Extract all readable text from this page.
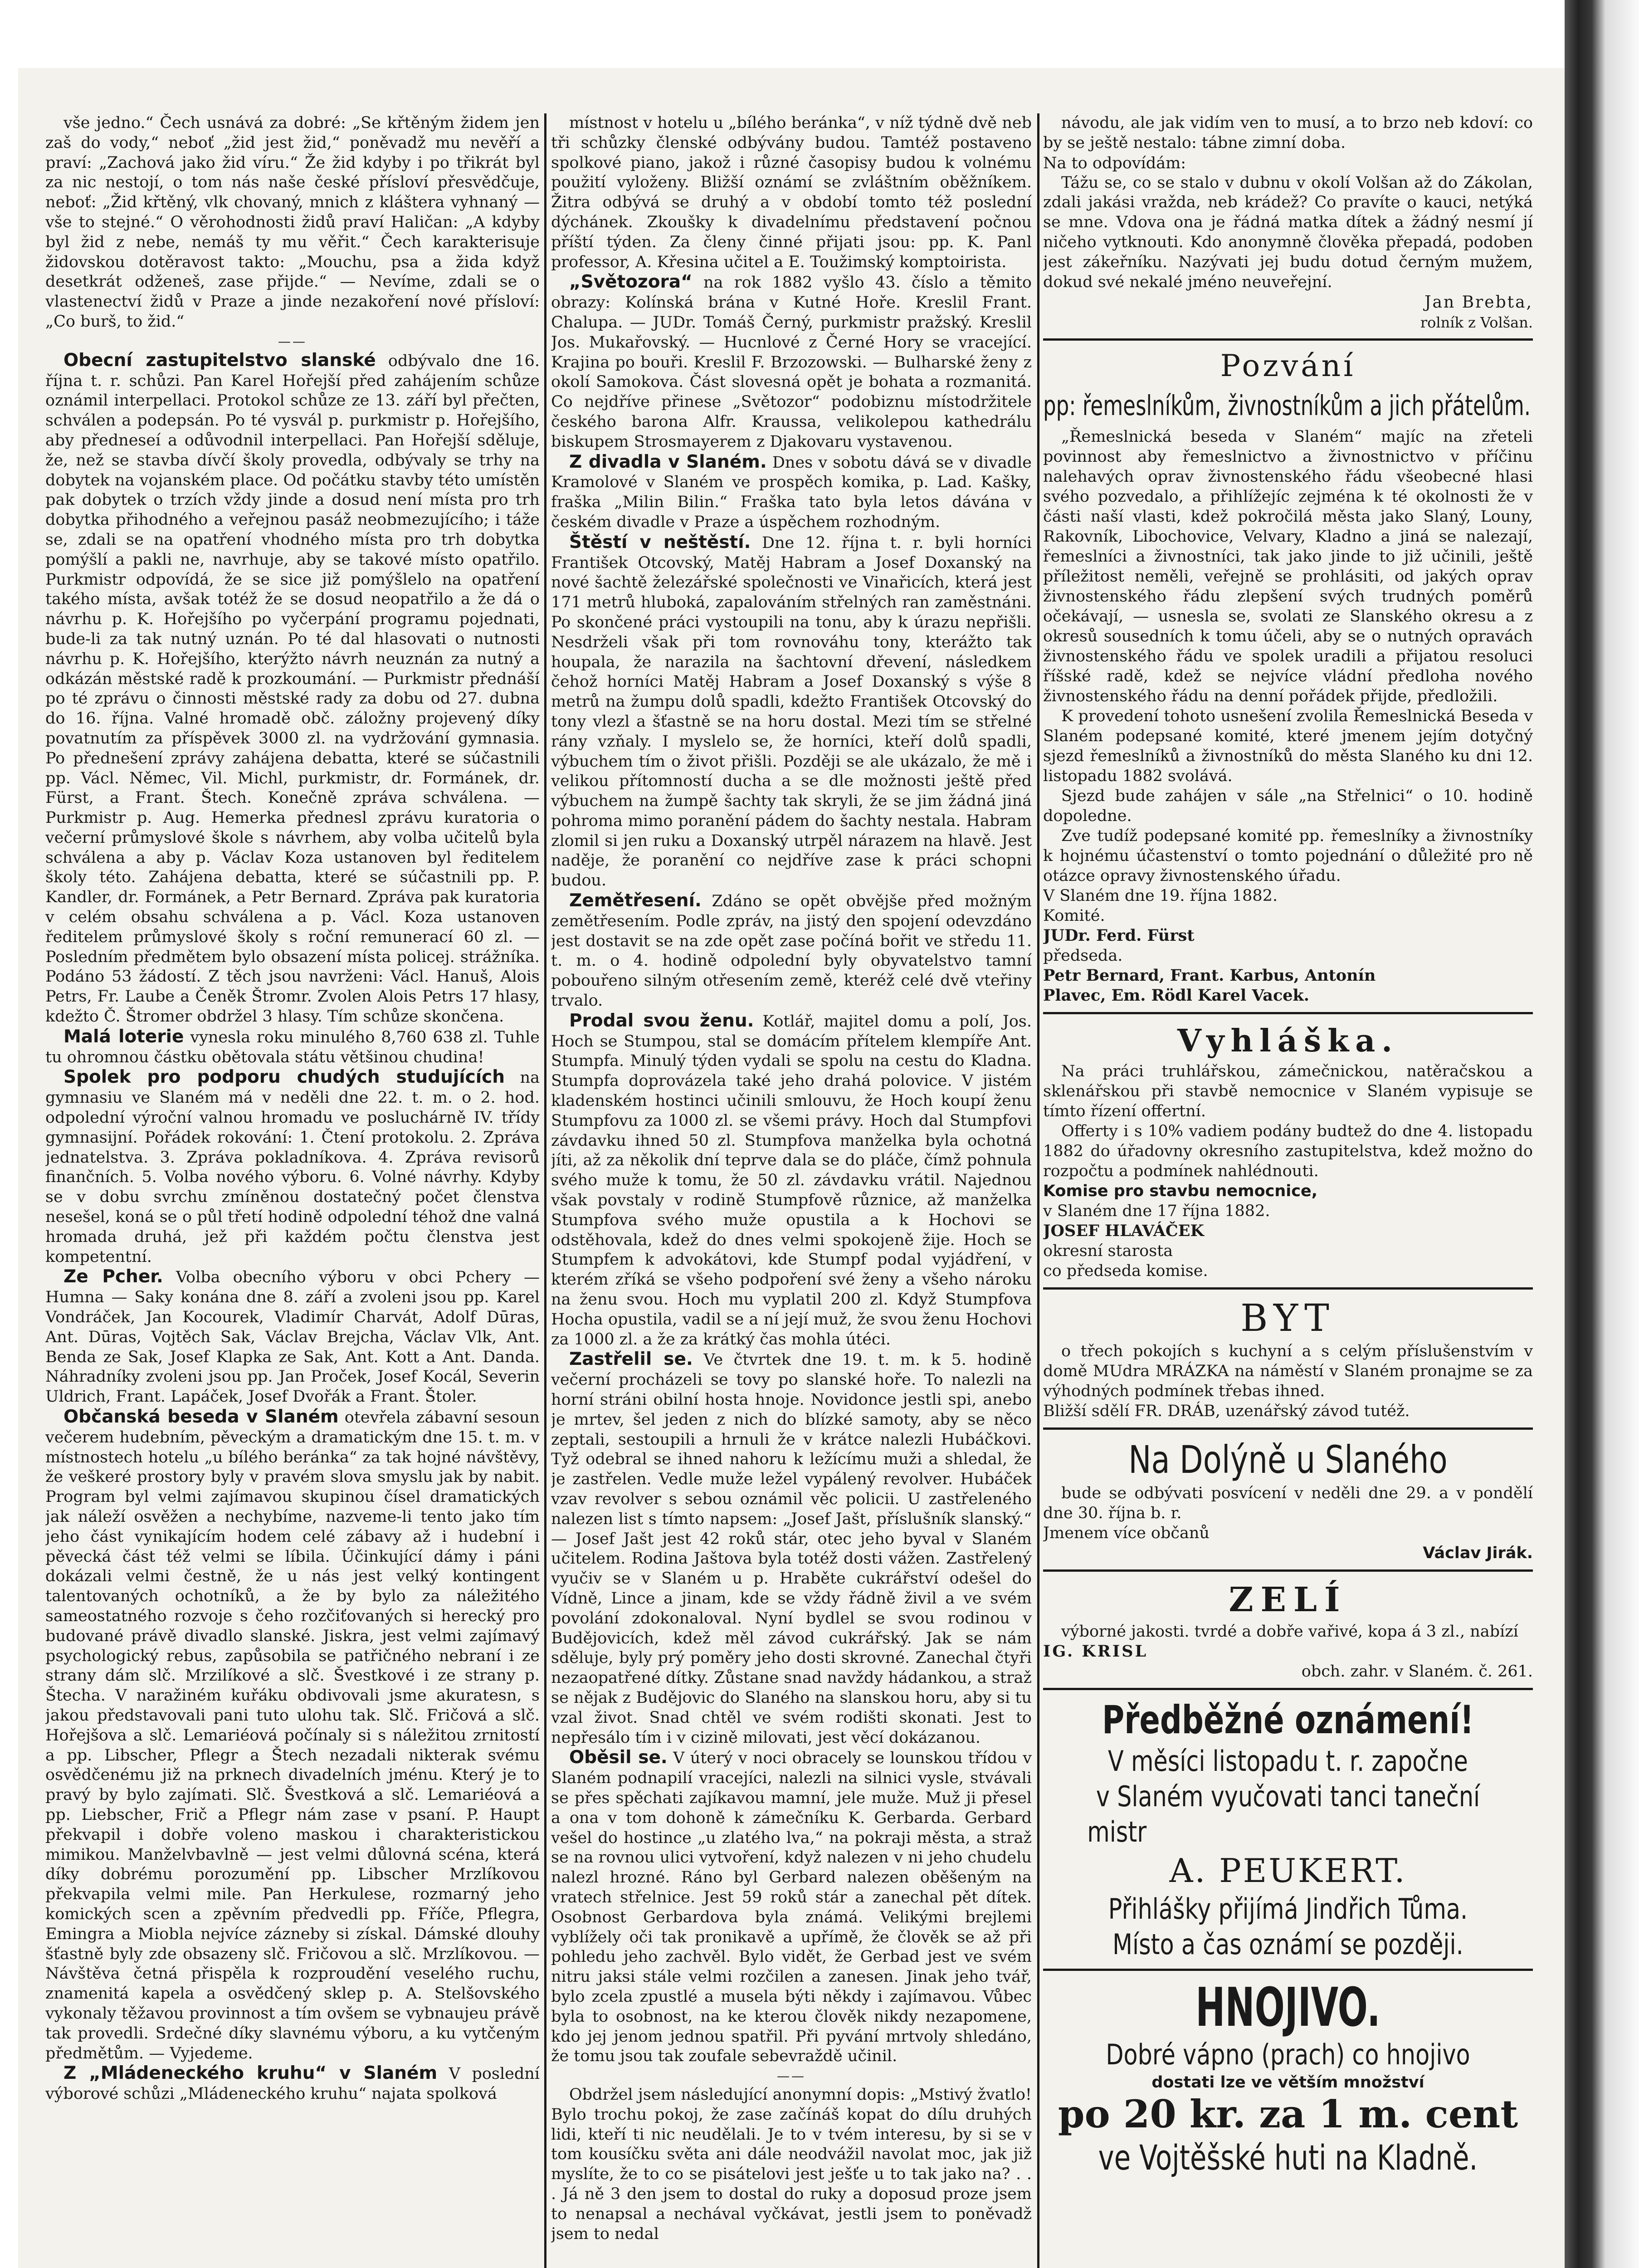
vše jedno.“ Čech usnává za dobré: „Se křtěným židem jen zaš do vody,“ neboť „žid jest žid,“ poněvadž mu nevěří a praví: „Zachová jako žid víru.“ Že žid kdyby i po třikrát byl za nic nestojí, o tom nás naše české přísloví přesvědčuje, neboť: „Žid křtěný, vlk chovaný, mnich z kláštera vyhnaný — vše to stejné.“ O věrohodnosti židů praví Haličan: „A kdyby byl žid z nebe, nemáš ty mu věřit.“ Čech karakterisuje židovskou dotěravost takto: „Mouchu, psa a žida když desetkrát odženeš, zase přijde.“ — Nevíme, zdali se o vlastenectví židů v Praze a jinde nezakoření nové přísloví: „Co burš, to žid.“

——

Obecní zastupitelstvo slanské odbývalo dne 16. října t. r. schůzi. Pan Karel Hořejší před zahájením schůze oznámil interpellaci. Protokol schůze ze 13. září byl přečten, schválen a podepsán. Po té vysvál p. purkmistr p. Hořejšího, aby předneseí a odůvodnil interpellaci. Pan Hořejší sděluje, že, než se stavba dívčí školy provedla, odbývaly se trhy na dobytek na vojanském place. Od počátku stavby této umístěn pak dobytek o trzích vždy jinde a dosud není místa pro trh dobytka přihodného a veřejnou pasáž neobmezujícího; i táže se, zdali se na opatření vhodného místa pro trh dobytka pomýšlí a pakli ne, navrhuje, aby se takové místo opatřilo. Purkmistr odpovídá, že se sice již pomýšlelo na opatření takého místa, avšak totéž že se dosud neopatřilo a že dá o návrhu p. K. Hořejšího po vyčerpání programu pojednati, bude-li za tak nutný uznán. Po té dal hlasovati o nutnosti návrhu p. K. Hořejšího, kterýžto návrh neuznán za nutný a odkázán městské radě k prozkoumání. — Purkmistr přednáší po té zprávu o činnosti městské rady za dobu od 27. dubna do 16. října. Valné hromadě obč. záložny projevený díky povatnutím za příspěvek 3000 zl. na vydržování gymnasia. Po přednešení zprávy zahájena debatta, které se súčastnili pp. Václ. Němec, Vil. Michl, purkmistr, dr. Formánek, dr. Fürst, a Frant. Štech. Konečně zpráva schválena. — Purkmistr p. Aug. Hemerka přednesl zprávu kuratoria o večerní průmyslové škole s návrhem, aby volba učitelů byla schválena a aby p. Václav Koza ustanoven byl ředitelem školy této. Zahájena debatta, které se súčastnili pp. P. Kandler, dr. Formánek, a Petr Bernard. Zpráva pak kuratoria v celém obsahu schválena a p. Václ. Koza ustanoven ředitelem průmyslové školy s roční remunerací 60 zl. — Posledním předmětem bylo obsazení místa policej. strážníka. Podáno 53 žádostí. Z těch jsou navrženi: Václ. Hanuš, Alois Petrs, Fr. Laube a Čeněk Štromr. Zvolen Alois Petrs 17 hlasy, kdežto Č. Štromer obdržel 3 hlasy. Tím schůze skončena.

Malá loterie vynesla roku minulého 8,760 638 zl. Tuhle tu ohromnou částku obětovala státu většinou chudina!

Spolek pro podporu chudých studujících na gymnasiu ve Slaném má v neděli dne 22. t. m. o 2. hod. odpolední výroční valnou hromadu ve posluchárně IV. třídy gymnasijní. Pořádek rokování: 1. Čtení protokolu. 2. Zpráva jednatelstva. 3. Zpráva pokladníkova. 4. Zpráva revisorů finančních. 5. Volba nového výboru. 6. Volné návrhy. Kdyby se v dobu svrchu zmíněnou dostatečný počet členstva nesešel, koná se o půl třetí hodině odpolední téhož dne valná hromada druhá, jež při každém počtu členstva jest kompetentní.

Ze Pcher. Volba obecního výboru v obci Pchery — Humna — Saky konána dne 8. září a zvoleni jsou pp. Karel Vondráček, Jan Kocourek, Vladimír Charvát, Adolf Dūras, Ant. Dūras, Vojtěch Sak, Václav Brejcha, Václav Vlk, Ant. Benda ze Sak, Josef Klapka ze Sak, Ant. Kott a Ant. Danda. Náhradníky zvoleni jsou pp. Jan Proček, Josef Kocál, Severin Uldrich, Frant. Lapáček, Josef Dvořák a Frant. Štoler.

Občanská beseda v Slaném otevřela zábavní sesoun večerem hudebním, pěveckým a dramatickým dne 15. t. m. v místnostech hotelu „u bílého beránka“ za tak hojné návštěvy, že veškeré prostory byly v pravém slova smyslu jak by nabit. Program byl velmi zajímavou skupinou čísel dramatických jak náleží osvěžen a nechybíme, nazveme-li tento jako tím jeho část vynikajícím hodem celé zábavy až i hudební i pěvecká část též velmi se líbila. Účinkující dámy i páni dokázali velmi čestně, že u nás jest velký kontingent talentovaných ochotníků, a že by bylo za náležitého sameostatného rozvoje s čeho rozčiťovaných si herecký pro budované právě divadlo slanské. Jiskra, jest velmi zajímavý psychologický rebus, zapůsobila se patřičného nebraní i ze strany dám slč. Mrzilíkové a slč. Švestkové i ze strany p. Štecha. V naražiném kuřáku obdivovali jsme akuratesn, s jakou představovali pani tuto ulohu tak. Slč. Fričová a slč. Hořejšova a slč. Lemariéová počínaly si s náležitou zrnitostí a pp. Libscher, Pflegr a Štech nezadali nikterak svému osvědčenému již na prknech divadelních jménu. Který je to pravý by bylo zajímati. Slč. Švestková a slč. Lemariéová a pp. Liebscher, Frič a Pflegr nám zase v psaní. P. Haupt překvapil i dobře voleno maskou i charakteristickou mimikou. Manželvbavlně — jest velmi důlovná scéna, která díky dobrému porozumění pp. Libscher Mrzlíkovou překvapila velmi mile. Pan Herkulese, rozmarný jeho komických scen a zpěvním předvedli pp. Fříče, Pflegra, Emingra a Miobla nejvíce zázneby si získal. Dámské dlouhy šťastně byly zde obsazeny slč. Fričovou a slč. Mrzlíkovou. — Návštěva četná přispěla k rozproudění veselého ruchu, znamenitá kapela a osvědčený sklep p. A. Stelšovského vykonaly těžavou provinnost a tím ovšem se vybnaujeu právě tak provedli. Srdečné díky slavnému výboru, a ku vytčeným předmětům. — Vyjedeme.

Z „Mládeneckého kruhu“ v Slaném V poslední výborové schůzi „Mládeneckého kruhu“ najata spolková

místnost v hotelu u „bílého beránka“, v níž týdně dvě neb tři schůzky členské odbývány budou. Tamtéž postaveno spolkové piano, jakož i různé časopisy budou k volnému použití vyloženy. Bližší oznámí se zvláštním oběžníkem. Žitra odbývá se druhý a v období tomto též poslední dýchánek. Zkoušky k divadelnímu představení počnou příští týden. Za členy činné přijati jsou: pp. K. Panl professor, A. Křesina učitel a E. Toužimský komptoirista.

„Světozora“ na rok 1882 vyšlo 43. číslo a těmito obrazy: Kolínská brána v Kutné Hoře. Kreslil Frant. Chalupa. — JUDr. Tomáš Černý, purkmistr pražský. Kreslil Jos. Mukařovský. — Hucnlové z Černé Hory se vracející. Krajina po bouři. Kreslil F. Brzozowski. — Bulharské ženy z okolí Samokova. Část slovesná opět je bohata a rozmanitá. Co nejdříve přinese „Světozor“ podobiznu místodržitele českého barona Alfr. Kraussa, velikolepou kathedrálu biskupem Strosmayerem z Djakovaru vystavenou.

Z divadla v Slaném. Dnes v sobotu dává se v divadle Kramolové v Slaném ve prospěch komika, p. Lad. Kašky, fraška „Milin Bilin.“ Fraška tato byla letos dávána v českém divadle v Praze a úspěchem rozhodným.

Štěstí v neštěstí. Dne 12. října t. r. byli horníci František Otcovský, Matěj Habram a Josef Doxanský na nové šachtě železářské společnosti ve Vinařicích, která jest 171 metrů hluboká, zapalováním střelných ran zaměstnáni. Po skončené práci vystoupili na tonu, aby k úrazu nepřišli. Nesdrželi však při tom rovnováhu tony, kterážto tak houpala, že narazila na šachtovní dřevení, následkem čehož horníci Matěj Habram a Josef Doxanský s výše 8 metrů na žumpu dolů spadli, kdežto František Otcovský do tony vlezl a šťastně se na horu dostal. Mezi tím se střelné rány vzňaly. I myslelo se, že horníci, kteří dolů spadli, výbuchem tím o život přišli. Později se ale ukázalo, že mě i velikou přítomností ducha a se dle možnosti ještě před výbuchem na žumpě šachty tak skryli, že se jim žádná jiná pohroma mimo poranění pádem do šachty nestala. Habram zlomil si jen ruku a Doxanský utrpěl nárazem na hlavě. Jest naděje, že poranění co nejdříve zase k práci schopni budou.

Zemětřesení. Zdáno se opět obvějše před možným zemětřesením. Podle zpráv, na jistý den spojení odevzdáno jest dostavit se na zde opět zase počíná bořit ve středu 11. t. m. o 4. hodině odpolední byly obyvatelstvo tamní pobouřeno silným otřesením země, kteréž celé dvě vteřiny trvalo.

Prodal svou ženu. Kotlář, majitel domu a polí, Jos. Hoch se Stumpou, stal se domácím přítelem klempíře Ant. Stumpfa. Minulý týden vydali se spolu na cestu do Kladna. Stumpfa doprovázela také jeho drahá polovice. V jistém kladenském hostinci učinili smlouvu, že Hoch koupí ženu Stumpfovu za 1000 zl. se všemi právy. Hoch dal Stumpfovi závdavku ihned 50 zl. Stumpfova manželka byla ochotná jíti, až za několik dní teprve dala se do pláče, čímž pohnula svého muže k tomu, že 50 zl. závdavku vrátil. Najednou však povstaly v rodině Stumpfově různice, až manželka Stumpfova svého muže opustila a k Hochovi se odstěhovala, kdež do dnes velmi spokojeně žije. Hoch se Stumpfem k advokátovi, kde Stumpf podal vyjádření, v kterém zříká se všeho podpoření své ženy a všeho nároku na ženu svou. Hoch mu vyplatil 200 zl. Když Stumpfova Hocha opustila, vadil se a ní její muž, že svou ženu Hochovi za 1000 zl. a že za krátký čas mohla útéci.

Zastřelil se. Ve čtvrtek dne 19. t. m. k 5. hodině večerní procházeli se tovy po slanské hoře. To nalezli na horní stráni obilní hosta hnoje. Novidonce jestli spi, anebo je mrtev, šel jeden z nich do blízké samoty, aby se něco zeptali, sestoupili a hrnuli že v krátce nalezli Hubáčkovi. Tyž odebral se ihned nahoru k ležícímu muži a shledal, že je zastřelen. Vedle muže ležel vypálený revolver. Hubáček vzav revolver s sebou oznámil věc policii. U zastřeleného nalezen list s tímto napsem: „Josef Jašt, příslušník slanský.“ — Josef Jašt jest 42 roků stár, otec jeho byval v Slaném učitelem. Rodina Jaštova byla totéž dosti vážen. Zastřelený vyučiv se v Slaném u p. Hraběte cukrářství odešel do Vídně, Lince a jinam, kde se vždy řádně živil a ve svém povolání zdokonaloval. Nyní bydlel se svou rodinou v Budějovicích, kdež měl závod cukrářský. Jak se nám sděluje, byly prý poměry jeho dosti skrovné. Zanechal čtyři nezaopatřené dítky. Zůstane snad navždy hádankou, a straž se nějak z Budějovic do Slaného na slanskou horu, aby si tu vzal život. Snad chtěl ve svém rodišti skonati. Jest to nepřesálo tím i v cizině milovati, jest věcí dokázanou.

Oběsil se. V úterý v noci obracely se lounskou třídou v Slaném podnapilí vracejíci, nalezli na silnici vysle, stvávali se přes spěchati zajíkavou mamní, jele muže. Muž ji přesel a ona v tom dohoně k zámečníku K. Gerbarda. Gerbard vešel do hostince „u zlatého lva,“ na pokraji města, a straž se na rovnou ulici vytvoření, když nalezen v ni jeho chudelu nalezl hrozné. Ráno byl Gerbard nalezen oběšeným na vratech střelnice. Jest 59 roků stár a zanechal pět dítek. Osobnost Gerbardova byla známá. Velikými brejlemi vyblížely oči tak pronikavě a upřímě, že člověk se až při pohledu jeho zachvěl. Bylo vidět, že Gerbad jest ve svém nitru jaksi stále velmi rozčilen a zanesen. Jinak jeho tvář, bylo zcela zpustlé a musela býti někdy i zajímavou. Vůbec byla to osobnost, na ke kterou člověk nikdy nezapomene, kdo jej jenom jednou spatřil. Při pyvání mrtvoly shledáno, že tomu jsou tak zoufale sebevraždě učinil.

——

Obdržel jsem následující anonymní dopis: „Mstivý žvatlo! Bylo trochu pokoj, že zase začínáš kopat do dílu druhých lidi, kteří ti nic neudělali. Je to v tvém interesu, by si se v tom kousíčku světa ani dále neodvážil navolat moc, jak již myslíte, že to co se pisátelovi jest ješťe u to tak jako na? . . . Já ně 3 den jsem to dostal do ruky a doposud proze jsem to nenapsal a nechával vyčkávat, jestli jsem to poněvadž jsem to nedal

návodu, ale jak vidím ven to musí, a to brzo neb kdoví: co by se ještě nestalo: tábne zimní doba.

Na to odpovídám:

Tážu se, co se stalo v dubnu v okolí Volšan až do Zákolan, zdali jakási vražda, neb krádež? Co pravíte o kauci, netýká se mne. Vdova ona je řádná matka dítek a žádný nesmí jí ničeho vytknouti. Kdo anonymně člověka přepadá, podoben jest zákeřníku. Nazývati jej budu dotud černým mužem, dokud své nekalé jméno neuveřejní.

Jan Brebta,
rolník z Volšan.
Pozvání
pp: řemeslníkům, živnostníkům a jich přátelům.

„Řemeslnická beseda v Slaném“ majíc na zřeteli povinnost aby řemeslnictvo a živnostnictvo v příčinu nalehavých oprav živnostenského řádu všeobecné hlasi svého pozvedalo, a přihlížejíc zejména k té okolnosti že v části naší vlasti, kdež pokročilá města jako Slaný, Louny, Rakovník, Libochovice, Velvary, Kladno a jiná se nalezají, řemeslníci a živnostníci, tak jako jinde to již učinili, ještě příležitost neměli, veřejně se prohlásiti, od jakých oprav živnostenského řádu zlepšení svých trudných poměrů očekávají, — usnesla se, svolati ze Slanského okresu a z okresů sousedních k tomu účeli, aby se o nutných opravách živnostenského řádu ve spolek uradili a přijatou resoluci říšské radě, kdež se nejvíce vládní předloha nového živnostenského řádu na denní pořádek přijde, předložili.

K provedení tohoto usnešení zvolila Řemeslnická Beseda v Slaném podepsané komité, které jmenem jejím dotyčný sjezd řemeslníků a živnostníků do města Slaného ku dni 12. listopadu 1882 svolává.

Sjezd bude zahájen v sále „na Střelnici“ o 10. hodině dopoledne.

Zve tudíž podepsané komité pp. řemeslníky a živnostníky k hojnému účastenství o tomto pojednání o důležité pro ně otázce opravy živnostenského úřadu.

V Slaném dne 19. října 1882.

Komité.

JUDr. Ferd. Fürst

předseda.

Petr Bernard, Frant. Karbus, Antonín

Plavec, Em. Rödl Karel Vacek.

Vyhláška.

Na práci truhlářskou, zámečnickou, natěračskou a sklenářskou při stavbě nemocnice v Slaném vypisuje se tímto řízení offertní.

Offerty i s 10% vadiem podány budtež do dne 4. listopadu 1882 do úřadovny okresního zastupitelstva, kdež možno do rozpočtu a podmínek nahlédnouti.

Komise pro stavbu nemocnice,

v Slaném dne 17 října 1882.

JOSEF HLAVÁČEK

okresní starosta

co předseda komise.

BYT

o třech pokojích s kuchyní a s celým příslušenstvím v domě MUdra MRÁZKA na náměstí v Slaném pronajme se za výhodných podmínek třebas ihned.

Bližší sdělí FR. DRÁB, uzenářský závod tutéž.

Na Dolýně u Slaného

bude se odbývati posvícení v neděli dne 29. a v pondělí dne 30. října b. r.

Jmenem více občanů

Václav Jirák.

ZELÍ

výborné jakosti. tvrdé a dobře vařivé, kopa á 3 zl., nabízí

IG. KRISL

obch. zahr. v Slaném. č. 261.

Předběžné oznámení!
V měsíci listopadu t. r. započne
v Slaném vyučovati tanci taneční
mistr
A. PEUKERT.
Přihlášky přijímá Jindřich Tůma.
Místo a čas oznámí se později.
HNOJIVO.
Dobré vápno (prach) co hnojivo
dostati lze ve větším množství
po 20 kr. za 1 m. cent
ve Vojtěšské huti na Kladně.
